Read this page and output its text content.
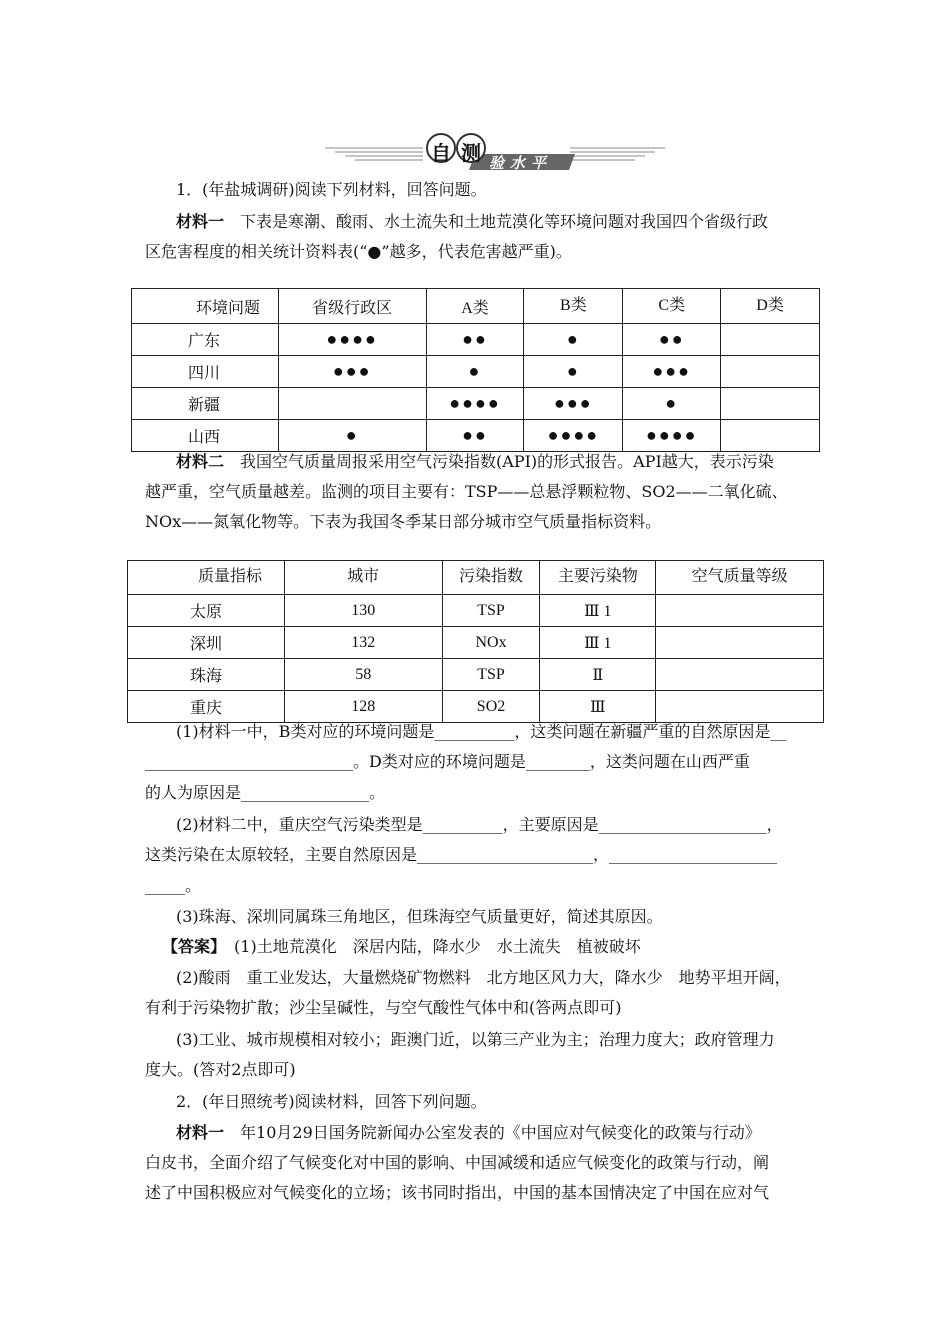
自 测 验水平
1．(年盐城调研)阅读下列材料，回答问题。
材料一　 下表是寒潮、酸雨、水土流失和土地荒漠化等环境问题对我国四个省级行政
区危害程度的相关统计资料表(“●”越多，代表危害越严重)。
环境问题	省级行政区	A类	B类	C类	D类
广东	●●●●	●●	●	●●	
四川	●●●	●	●	●●●	
新疆		●●●●	●●●	●	
山西	●	●●	●●●●	●●●●	
材料二　 我国空气质量周报采用空气污染指数(API)的形式报告。API越大，表示污染
越严重，空气质量越差。监测的项目主要有：TSP——总悬浮颗粒物、SO2——二氧化硫、
NOx——氮氧化物等。下表为我国冬季某日部分城市空气质量指标资料。
质量指标	城市	污染指数	主要污染物	空气质量等级
太原	130	TSP	Ⅲ 1	
深圳	132	NOx	Ⅲ 1	
珠海	58	TSP	Ⅱ	
重庆	128	SO2	Ⅲ	
(1)材料一中，B类对应的环境问题是__________，这类问题在新疆严重的自然原因是__
__________________________。D类对应的环境问题是________，这类问题在山西严重
的人为原因是________________。
(2)材料二中，重庆空气污染类型是__________，主要原因是_____________________，
这类污染在太原较轻，主要自然原因是______________________，_____________________
_____。
(3)珠海、深圳同属珠三角地区，但珠海空气质量更好，简述其原因。
【答案】　 (1)土地荒漠化　深居内陆，降水少　水土流失　植被破坏
(2)酸雨　重工业发达，大量燃烧矿物燃料　北方地区风力大，降水少　地势平坦开阔，
有利于污染物扩散；沙尘呈碱性，与空气酸性气体中和(答两点即可)
(3)工业、城市规模相对较小；距澳门近，以第三产业为主；治理力度大；政府管理力
度大。(答对2点即可)
2．(年日照统考)阅读材料，回答下列问题。
材料一　 年10月29日国务院新闻办公室发表的《中国应对气候变化的政策与行动》
白皮书，全面介绍了气候变化对中国的影响、中国减缓和适应气候变化的政策与行动，阐
述了中国积极应对气候变化的立场；该书同时指出，中国的基本国情决定了中国在应对气
